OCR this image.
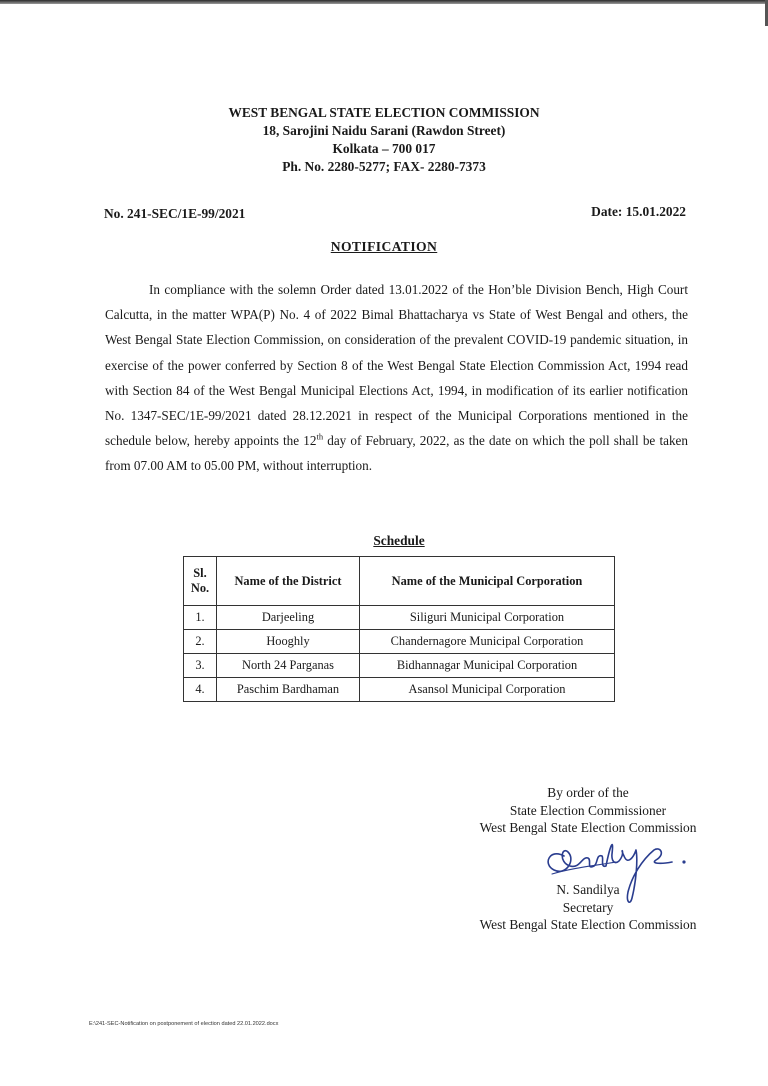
WEST BENGAL STATE ELECTION COMMISSION
18, Sarojini Naidu Sarani (Rawdon Street)
Kolkata – 700 017
Ph. No. 2280-5277; FAX- 2280-7373
No. 241-SEC/1E-99/2021	Date: 15.01.2022
NOTIFICATION
In compliance with the solemn Order dated 13.01.2022 of the Hon’ble Division Bench, High Court Calcutta, in the matter WPA(P) No. 4 of 2022 Bimal Bhattacharya vs State of West Bengal and others, the West Bengal State Election Commission, on consideration of the prevalent COVID-19 pandemic situation, in exercise of the power conferred by Section 8 of the West Bengal State Election Commission Act, 1994 read with Section 84 of the West Bengal Municipal Elections Act, 1994, in modification of its earlier notification No. 1347-SEC/1E-99/2021 dated 28.12.2021 in respect of the Municipal Corporations mentioned in the schedule below, hereby appoints the 12th day of February, 2022, as the date on which the poll shall be taken from 07.00 AM to 05.00 PM, without interruption.
Schedule
Sl. No.	Name of the District	Name of the Municipal Corporation
1.	Darjeeling	Siliguri Municipal Corporation
2.	Hooghly	Chandernagore Municipal Corporation
3.	North 24 Parganas	Bidhannagar Municipal Corporation
4.	Paschim Bardhaman	Asansol Municipal Corporation
By order of the
State Election Commissioner
West Bengal State Election Commission
N. Sandilya
Secretary
West Bengal State Election Commission
E:\241-SEC-Notification on postponement of election dated 22.01.2022.docx
